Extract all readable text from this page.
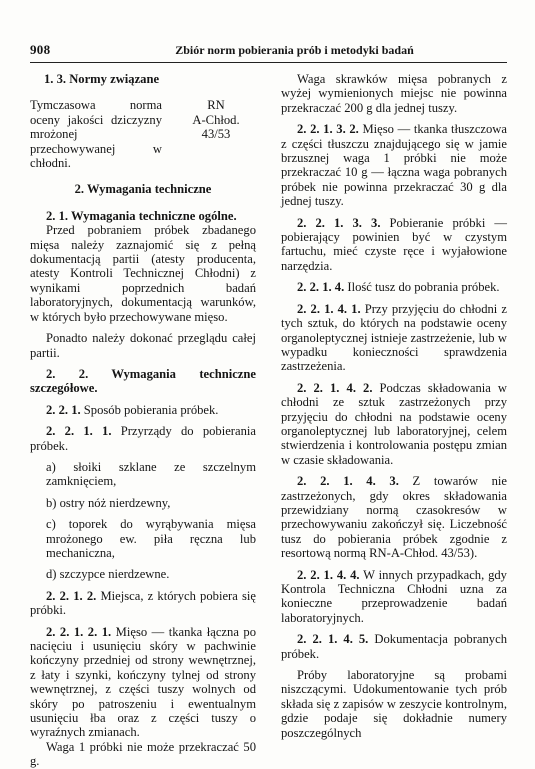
908	Zbiór norm pobierania prób i metodyki badań

1. 3. Normy związane

Tymczasowa norma oceny jakości dziczyzny mrożonej przechowywanej w chłodni.

RN

A-Chłod.

43/53

2. Wymagania techniczne

2. 1. Wymagania techniczne ogólne.

Przed pobraniem próbek zbadanego mięsa należy zaznajomić się z pełną dokumentacją partii (atesty producenta, atesty Kontroli Technicznej Chłodni) z wynikami poprzednich badań laboratoryjnych, dokumentacją warunków, w których było przechowywane mięso.

Ponadto należy dokonać przeglądu całej partii.

2. 2. Wymagania techniczne szczegółowe.

2. 2. 1. Sposób pobierania próbek.

2. 2. 1. 1. Przyrządy do pobierania próbek.

a) słoiki szklane ze szczelnym zamknięciem,

b) ostry nóż nierdzewny,

c) toporek do wyrąbywania mięsa mrożonego ew. piła ręczna lub mechaniczna,

d) szczypce nierdzewne.

2. 2. 1. 2. Miejsca, z których pobiera się próbki.

2. 2. 1. 2. 1. Mięso — tkanka łączna po nacięciu i usunięciu skóry w pachwinie kończyny przedniej od strony wewnętrznej, z łaty i szynki, kończyny tylnej od strony wewnętrznej, z części tuszy wolnych od skóry po patroszeniu i ewentualnym usunięciu łba oraz z części tuszy o wyraźnych zmianach.

Waga 1 próbki nie może przekraczać 50 g.

Waga skrawków mięsa pobranych z wyżej wymienionych miejsc nie powinna przekraczać 200 g dla jednej tuszy.

2. 2. 1. 3. 2. Mięso — tkanka tłuszczowa z części tłuszczu znajdującego się w jamie brzusznej waga 1 próbki nie może przekraczać 10 g — łączna waga pobranych próbek nie powinna przekraczać 30 g dla jednej tuszy.

2. 2. 1. 3. 3. Pobieranie próbki — pobierający powinien być w czystym fartuchu, mieć czyste ręce i wyjałowione narzędzia.

2. 2. 1. 4. Ilość tusz do pobrania próbek.

2. 2. 1. 4. 1. Przy przyjęciu do chłodni z tych sztuk, do których na podstawie oceny organoleptycznej istnieje zastrzeżenie, lub w wypadku konieczności sprawdzenia zastrzeżenia.

2. 2. 1. 4. 2. Podczas składowania w chłodni ze sztuk zastrzeżonych przy przyjęciu do chłodni na podstawie oceny organoleptycznej lub laboratoryjnej, celem stwierdzenia i kontrolowania postępu zmian w czasie składowania.

2. 2. 1. 4. 3. Z towarów nie zastrzeżonych, gdy okres składowania przewidziany normą czasokresów w przechowywaniu zakończył się. Liczebność tusz do pobierania próbek zgodnie z resortową normą RN-A-Chłod. 43/53).

2. 2. 1. 4. 4. W innych przypadkach, gdy Kontrola Techniczna Chłodni uzna za konieczne przeprowadzenie badań laboratoryjnych.

2. 2. 1. 4. 5. Dokumentacja pobranych próbek.

Próby laboratoryjne są probami niszczącymi. Udokumentowanie tych prób składa się z zapisów w zeszycie kontrolnym, gdzie podaje się dokładnie numery poszczególnych
